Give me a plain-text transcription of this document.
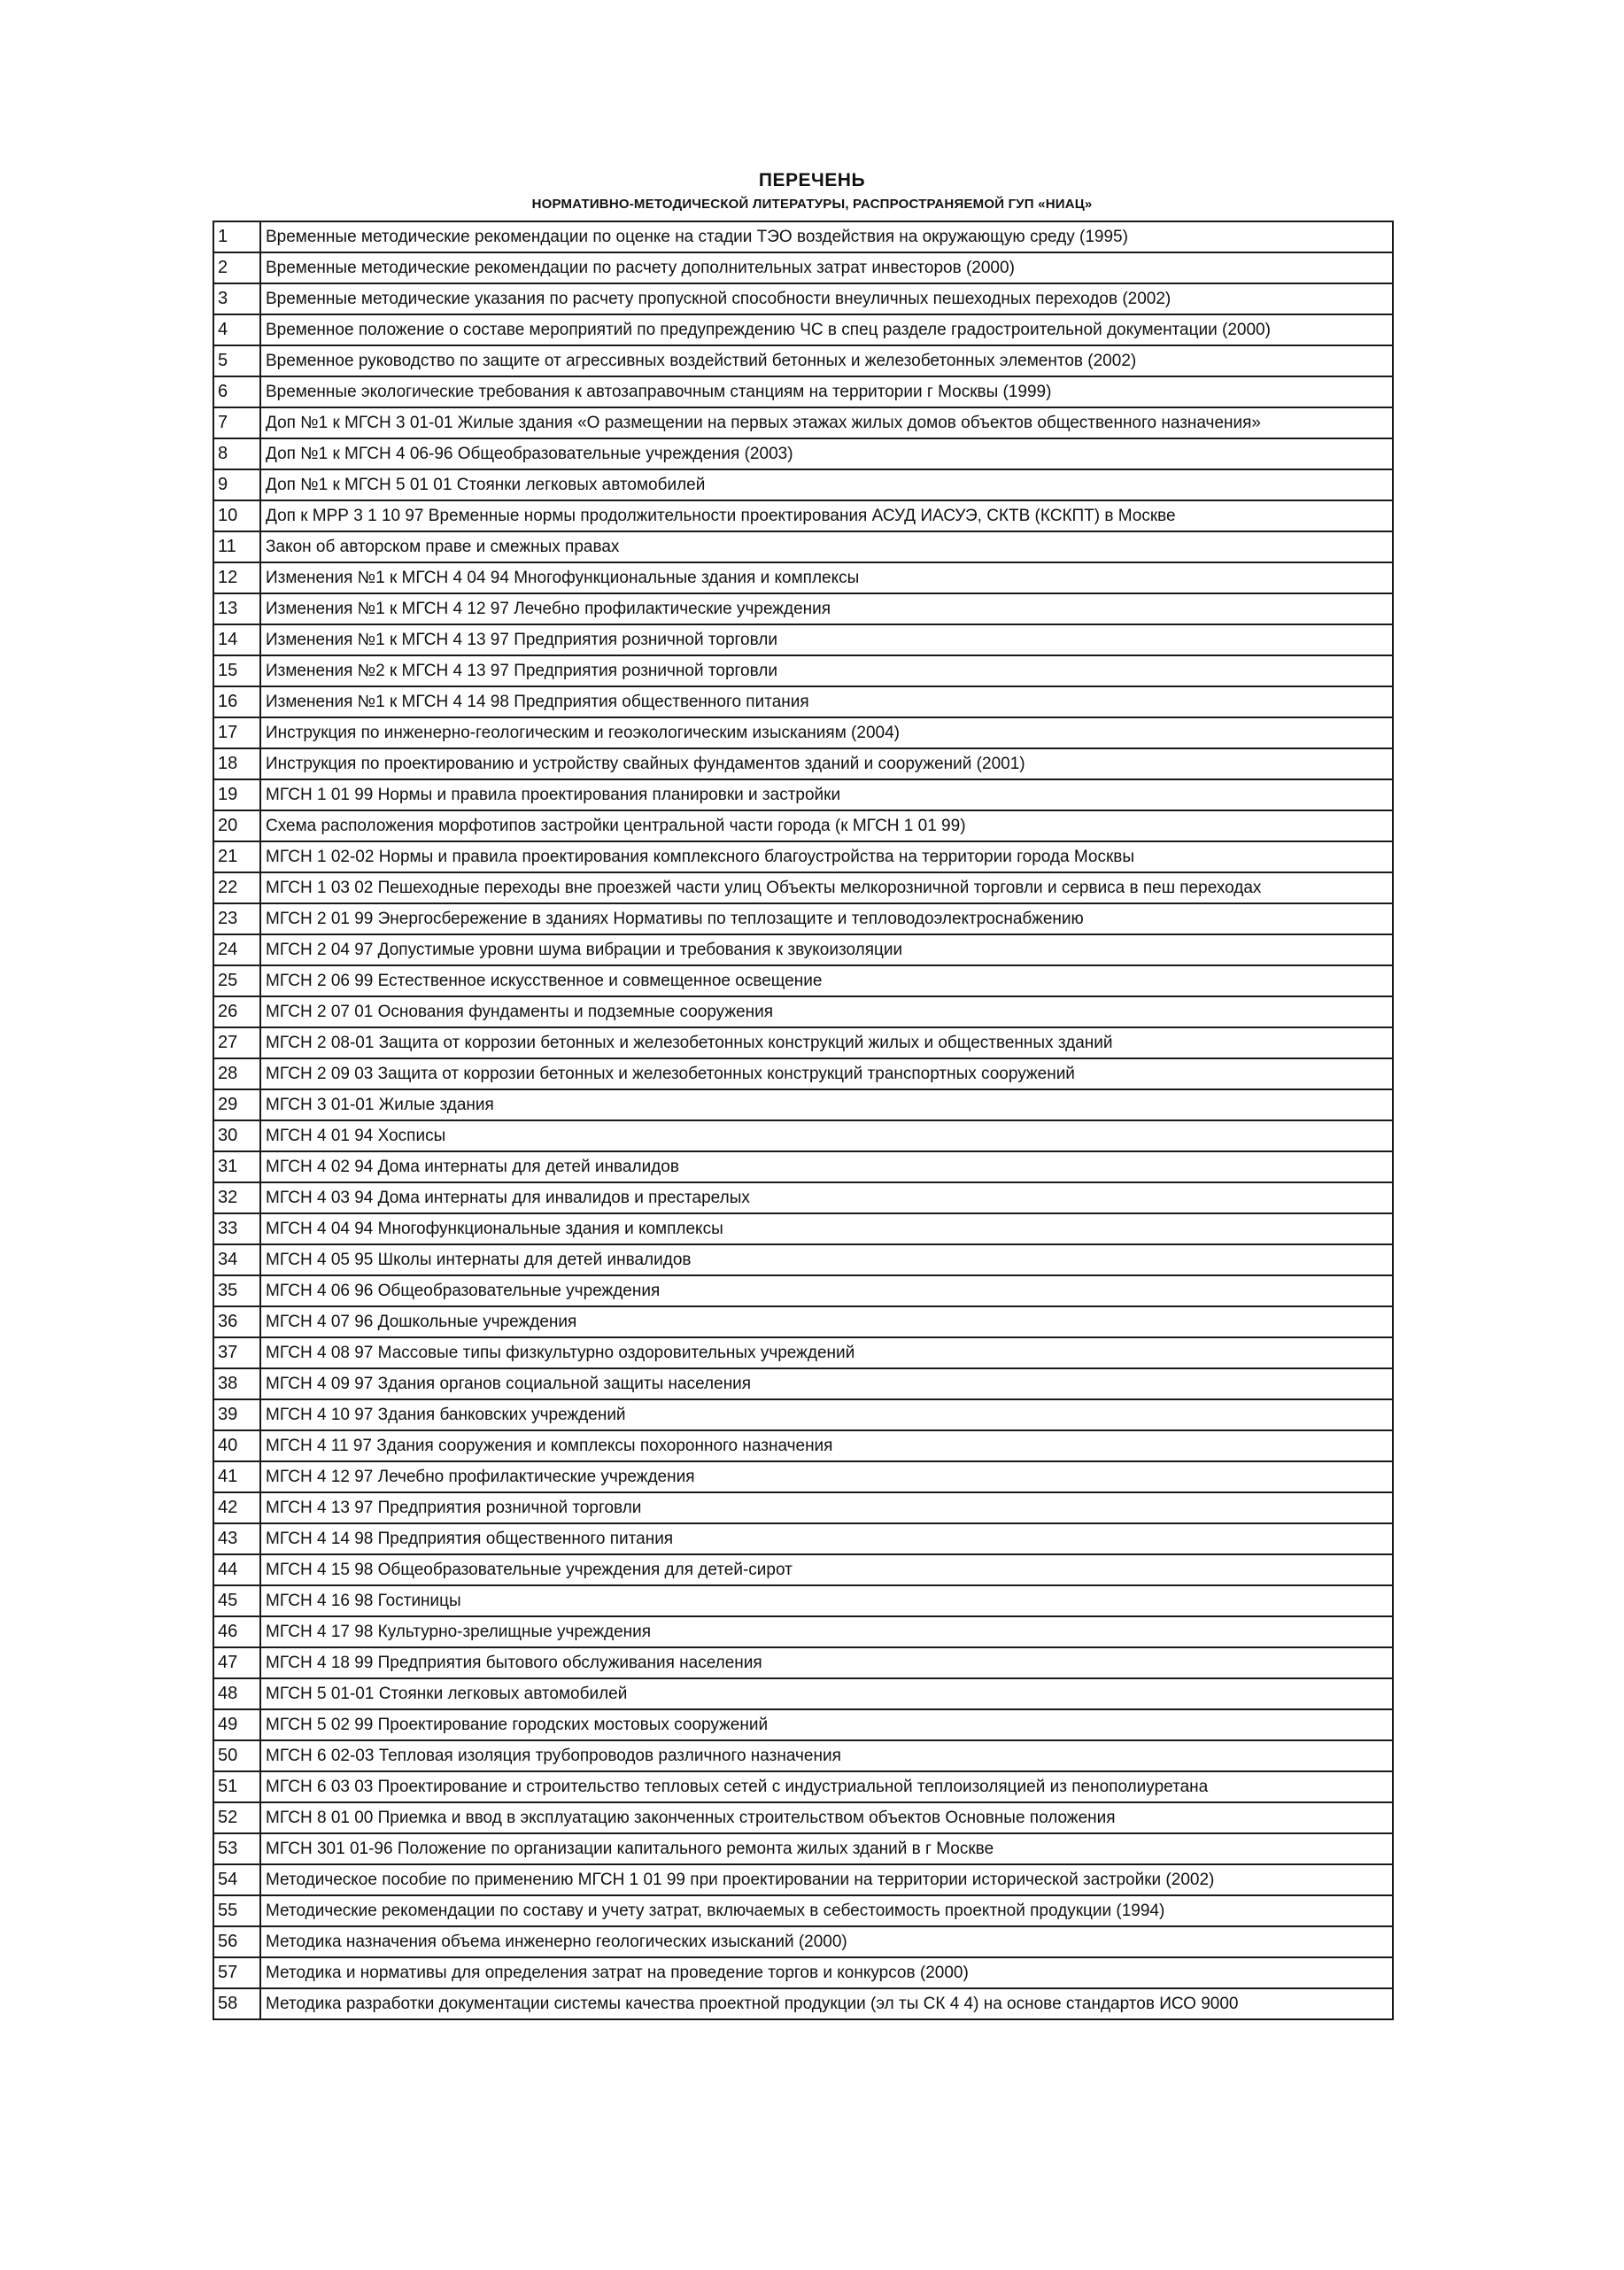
ПЕРЕЧЕНЬ
НОРМАТИВНО-МЕТОДИЧЕСКОЙ ЛИТЕРАТУРЫ, РАСПРОСТРАНЯЕМОЙ ГУП «НИАЦ»
1	Временные методические рекомендации по оценке на стадии ТЭО воздействия на окружающую среду (1995)
2	Временные методические рекомендации по расчету дополнительных затрат инвесторов (2000)
3	Временные методические указания по расчету пропускной способности внеуличных пешеходных переходов (2002)
4	Временное положение о составе мероприятий по предупреждению ЧС в спец разделе градостроительной документации (2000)
5	Временное руководство по защите от агрессивных воздействий бетонных и железобетонных элементов (2002)
6	Временные экологические требования к автозаправочным станциям на территории г Москвы (1999)
7	Доп №1 к МГСН 3 01-01 Жилые здания «О размещении на первых этажах жилых домов объектов общественного назначения»
8	Доп №1 к МГСН 4 06-96 Общеобразовательные учреждения (2003)
9	Доп №1 к МГСН 5 01 01 Стоянки легковых автомобилей
10	Доп к МРР 3 1 10 97 Временные нормы продолжительности проектирования АСУД ИАСУЭ, СКТВ (КСКПТ) в Москве
11	Закон об авторском праве и смежных правах
12	Изменения №1 к МГСН 4 04 94 Многофункциональные здания и комплексы
13	Изменения №1 к МГСН 4 12 97 Лечебно профилактические учреждения
14	Изменения №1 к МГСН 4 13 97 Предприятия розничной торговли
15	Изменения №2 к МГСН 4 13 97 Предприятия розничной торговли
16	Изменения №1 к МГСН 4 14 98 Предприятия общественного питания
17	Инструкция по инженерно-геологическим и геоэкологическим изысканиям (2004)
18	Инструкция по проектированию и устройству свайных фундаментов зданий и сооружений (2001)
19	МГСН 1 01 99 Нормы и правила проектирования планировки и застройки
20	Схема расположения морфотипов застройки центральной части города (к МГСН 1 01 99)
21	МГСН 1 02-02 Нормы и правила проектирования комплексного благоустройства на территории города Москвы
22	МГСН 1 03 02 Пешеходные переходы вне проезжей части улиц Объекты мелкорозничной торговли и сервиса в пеш переходах
23	МГСН 2 01 99 Энергосбережение в зданиях Нормативы по теплозащите и тепловодоэлектроснабжению
24	МГСН 2 04 97 Допустимые уровни шума вибрации и требования к звукоизоляции
25	МГСН 2 06 99 Естественное искусственное и совмещенное освещение
26	МГСН 2 07 01 Основания фундаменты и подземные сооружения
27	МГСН 2 08-01 Защита от коррозии бетонных и железобетонных конструкций жилых и общественных зданий
28	МГСН 2 09 03 Защита от коррозии бетонных и железобетонных конструкций транспортных сооружений
29	МГСН 3 01-01 Жилые здания
30	МГСН 4 01 94 Хосписы
31	МГСН 4 02 94 Дома интернаты для детей инвалидов
32	МГСН 4 03 94 Дома интернаты для инвалидов и престарелых
33	МГСН 4 04 94 Многофункциональные здания и комплексы
34	МГСН 4 05 95 Школы интернаты для детей инвалидов
35	МГСН 4 06 96 Общеобразовательные учреждения
36	МГСН 4 07 96 Дошкольные учреждения
37	МГСН 4 08 97 Массовые типы физкультурно оздоровительных учреждений
38	МГСН 4 09 97 Здания органов социальной защиты населения
39	МГСН 4 10 97 Здания банковских учреждений
40	МГСН 4 11 97 Здания сооружения и комплексы похоронного назначения
41	МГСН 4 12 97 Лечебно профилактические учреждения
42	МГСН 4 13 97 Предприятия розничной торговли
43	МГСН 4 14 98 Предприятия общественного питания
44	МГСН 4 15 98 Общеобразовательные учреждения для детей-сирот
45	МГСН 4 16 98 Гостиницы
46	МГСН 4 17 98 Культурно-зрелищные учреждения
47	МГСН 4 18 99 Предприятия бытового обслуживания населения
48	МГСН 5 01-01 Стоянки легковых автомобилей
49	МГСН 5 02 99 Проектирование городских мостовых сооружений
50	МГСН 6 02-03 Тепловая изоляция трубопроводов различного назначения
51	МГСН 6 03 03 Проектирование и строительство тепловых сетей с индустриальной теплоизоляцией из пенополиуретана
52	МГСН 8 01 00 Приемка и ввод в эксплуатацию законченных строительством объектов Основные положения
53	МГСН 301 01-96 Положение по организации капитального ремонта жилых зданий в г Москве
54	Методическое пособие по применению МГСН 1 01 99 при проектировании на территории исторической застройки (2002)
55	Методические рекомендации по составу и учету затрат, включаемых в себестоимость проектной продукции (1994)
56	Методика назначения объема инженерно геологических изысканий (2000)
57	Методика и нормативы для определения затрат на проведение торгов и конкурсов (2000)
58	Методика разработки документации системы качества проектной продукции (эл ты СК 4 4) на основе стандартов ИСО 9000
